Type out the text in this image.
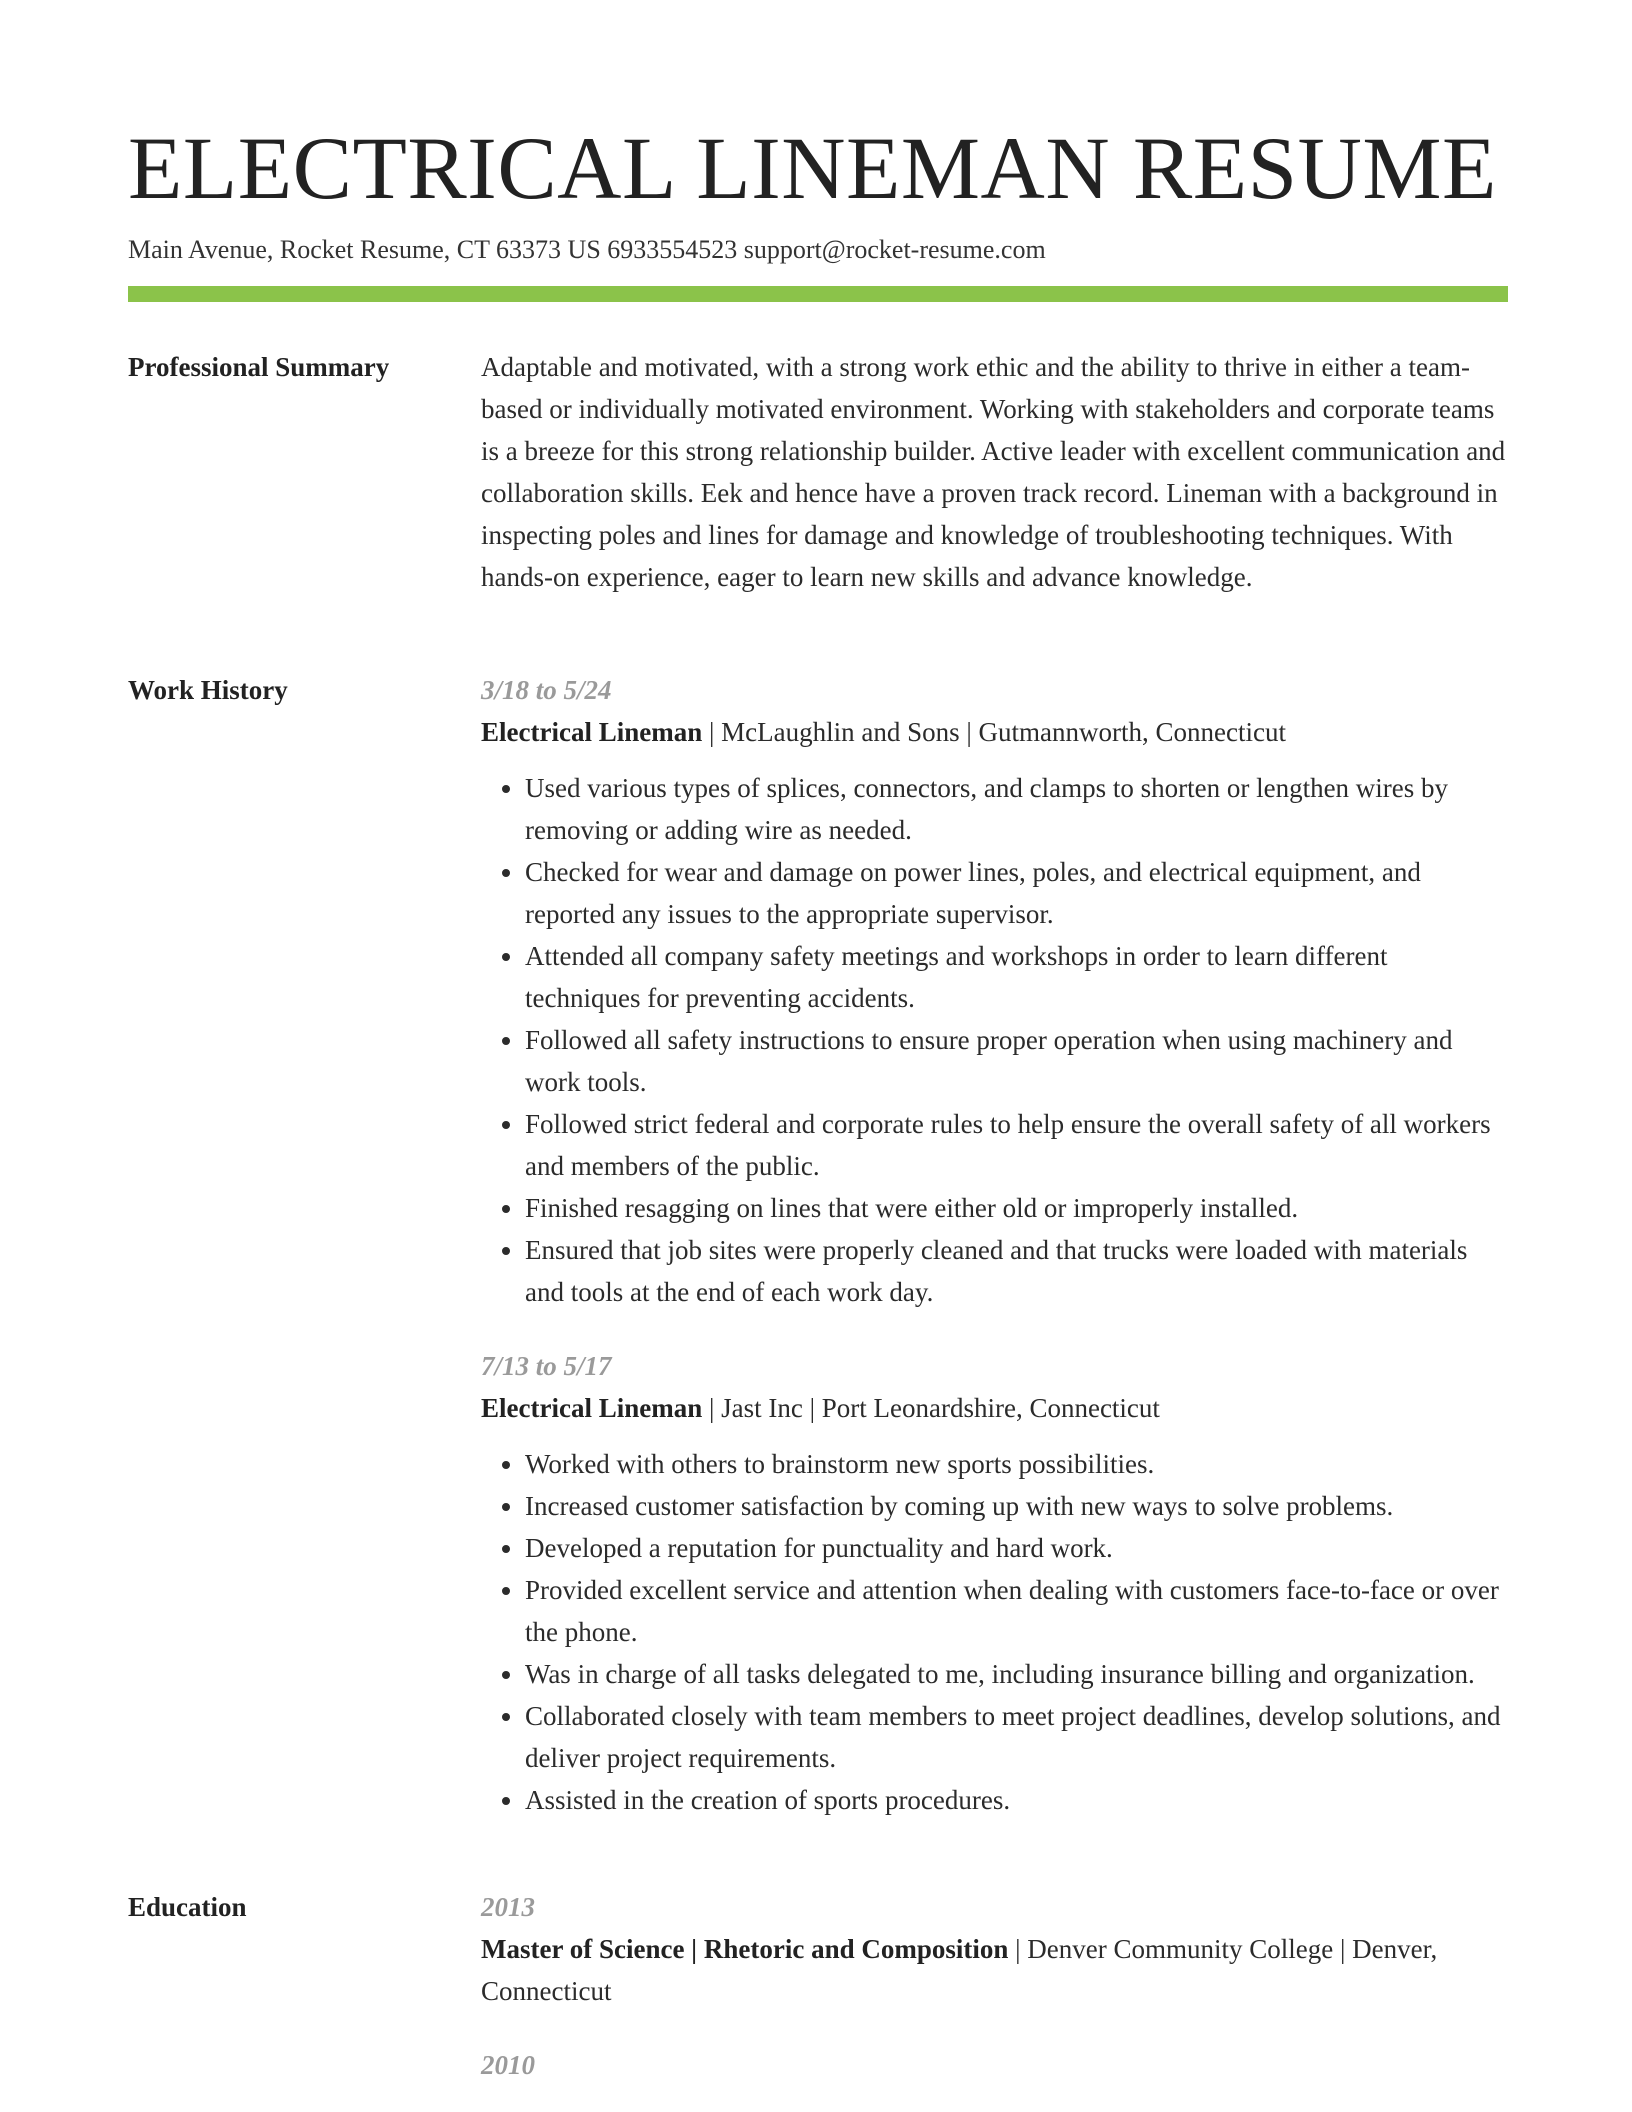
ELECTRICAL LINEMAN RESUME
Main Avenue, Rocket Resume, CT 63373 US 6933554523 support@rocket-resume.com
Professional Summary	Adaptable and motivated, with a strong work ethic and the ability to thrive in either a team-based or individually motivated environment. Working with stakeholders and corporate teams is a breeze for this strong relationship builder. Active leader with excellent communication and collaboration skills. Eek and hence have a proven track record. Lineman with a background in inspecting poles and lines for damage and knowledge of troubleshooting techniques. With hands-on experience, eager to learn new skills and advance knowledge.

Work History	3/18 to 5/24

Electrical Lineman | McLaughlin and Sons | Gutmannworth, Connecticut

• Used various types of splices, connectors, and clamps to shorten or lengthen wires by removing or adding wire as needed.
• Checked for wear and damage on power lines, poles, and electrical equipment, and reported any issues to the appropriate supervisor.
• Attended all company safety meetings and workshops in order to learn different techniques for preventing accidents.
• Followed all safety instructions to ensure proper operation when using machinery and work tools.
• Followed strict federal and corporate rules to help ensure the overall safety of all workers and members of the public.
• Finished resagging on lines that were either old or improperly installed.
• Ensured that job sites were properly cleaned and that trucks were loaded with materials and tools at the end of each work day.

7/13 to 5/17

Electrical Lineman | Jast Inc | Port Leonardshire, Connecticut

• Worked with others to brainstorm new sports possibilities.
• Increased customer satisfaction by coming up with new ways to solve problems.
• Developed a reputation for punctuality and hard work.
• Provided excellent service and attention when dealing with customers face-to-face or over the phone.
• Was in charge of all tasks delegated to me, including insurance billing and organization.
• Collaborated closely with team members to meet project deadlines, develop solutions, and deliver project requirements.
• Assisted in the creation of sports procedures.
Education	2013

Master of Science | Rhetoric and Composition | Denver Community College | Denver, Connecticut

2010
